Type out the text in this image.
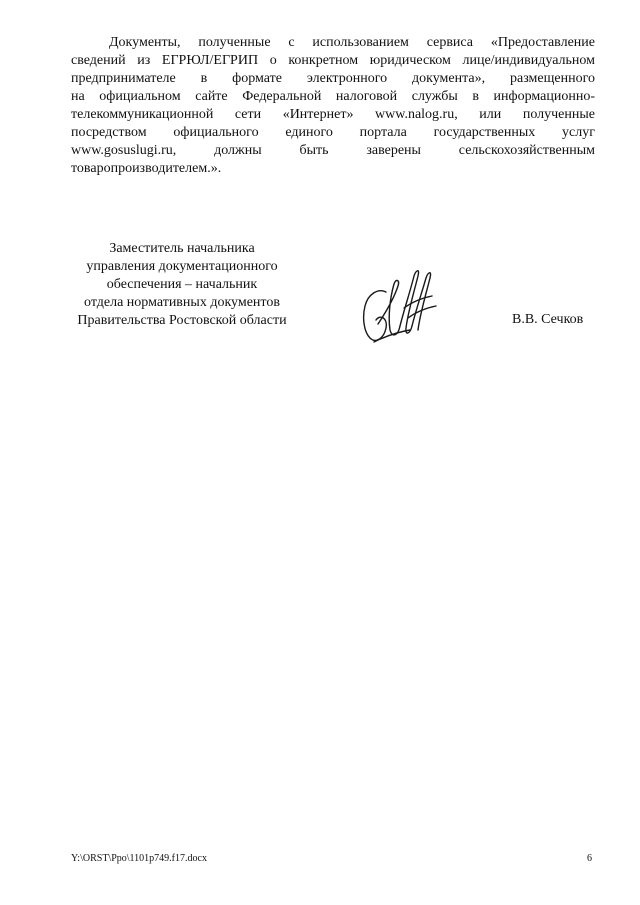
Документы, полученные с использованием сервиса «Предоставление
сведений из ЕГРЮЛ/ЕГРИП о конкретном юридическом лице/индивидуальном
предпринимателе в формате электронного документа», размещенного
на официальном сайте Федеральной налоговой службы в информационно-
телекоммуникационной сети «Интернет» www.nalog.ru, или полученные
посредством официального единого портала государственных услуг
www.gosuslugi.ru, должны быть заверены сельскохозяйственным
товаропроизводителем.».
Заместитель начальника
управления документационного
обеспечения – начальник
отдела нормативных документов
Правительства Ростовской области	В.В. Сечков
Y:\ORST\Ppo\1101p749.f17.docx	6
